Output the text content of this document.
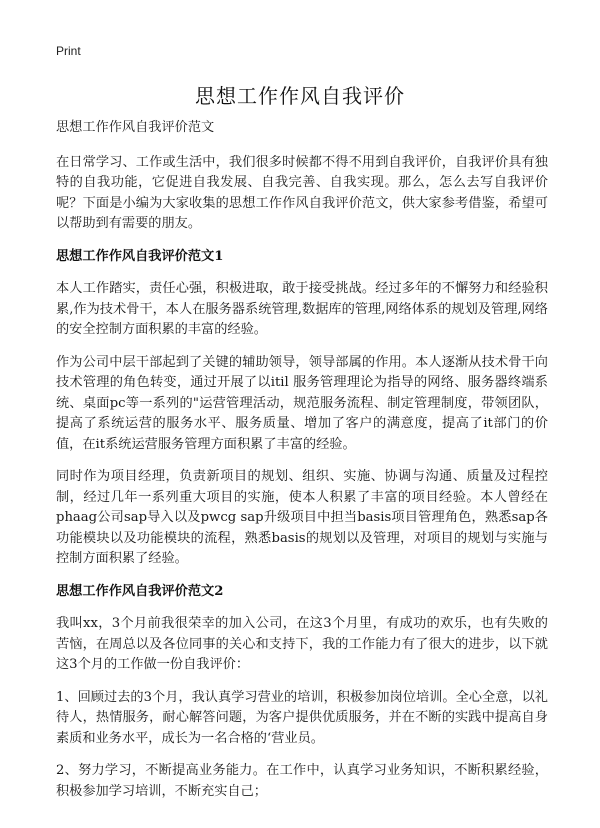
Print
思想工作作风自我评价

思想工作作风自我评价范文

在日常学习、工作或生活中，我们很多时候都不得不用到自我评价，自我评价具有独特的自我功能，它促进自我发展、自我完善、自我实现。那么，怎么去写自我评价呢？下面是小编为大家收集的思想工作作风自我评价范文，供大家参考借鉴，希望可以帮助到有需要的朋友。

思想工作作风自我评价范文1

本人工作踏实，责任心强，积极进取，敢于接受挑战。经过多年的不懈努力和经验积累,作为技术骨干，本人在服务器系统管理,数据库的管理,网络体系的规划及管理,网络的安全控制方面积累的丰富的经验。

作为公司中层干部起到了关键的辅助领导，领导部属的作用。本人逐渐从技术骨干向技术管理的角色转变，通过开展了以itil 服务管理理论为指导的网络、服务器终端系统、桌面pc等一系列的"运营管理活动，规范服务流程、制定管理制度，带领团队，提高了系统运营的服务水平、服务质量、增加了客户的满意度，提高了it部门的价值，在it系统运营服务管理方面积累了丰富的经验。

同时作为项目经理，负责新项目的规划、组织、实施、协调与沟通、质量及过程控制，经过几年一系列重大项目的实施，使本人积累了丰富的项目经验。本人曾经在phaag公司sap导入以及pwcg sap升级项目中担当basis项目管理角色，熟悉sap各功能模块以及功能模块的流程，熟悉basis的规划以及管理，对项目的规划与实施与控制方面积累了经验。

思想工作作风自我评价范文2

我叫xx，3个月前我很荣幸的加入公司，在这3个月里，有成功的欢乐，也有失败的苦恼，在周总以及各位同事的关心和支持下，我的工作能力有了很大的进步，以下就这3个月的工作做一份自我评价：

1、回顾过去的3个月，我认真学习营业的培训，积极参加岗位培训。全心全意，以礼待人，热情服务，耐心解答问题，为客户提供优质服务，并在不断的实践中提高自身素质和业务水平，成长为一名合格的‘营业员。

2、努力学习，不断提高业务能力。在工作中，认真学习业务知识，不断积累经验，积极参加学习培训，不断充实自己；
